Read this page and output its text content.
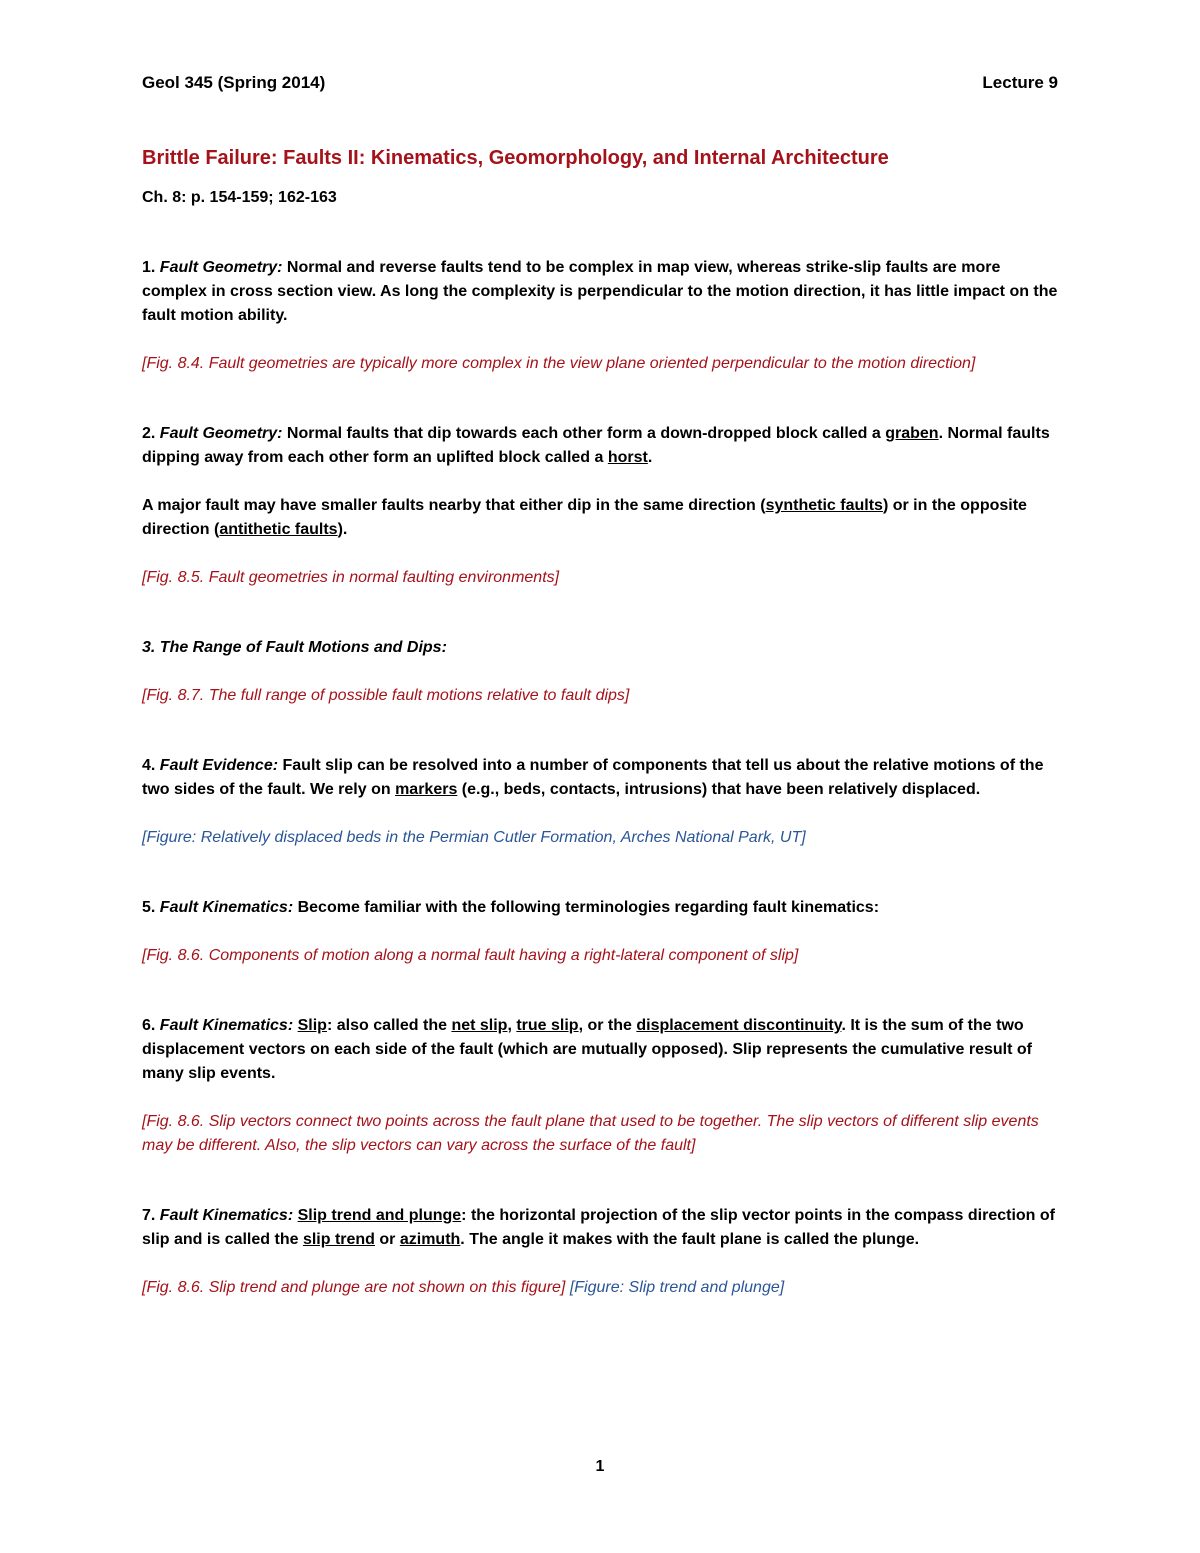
Geol 345 (Spring 2014)	Lecture 9

Brittle Failure: Faults II: Kinematics, Geomorphology, and Internal Architecture

Ch. 8: p. 154-159; 162-163

1. Fault Geometry: Normal and reverse faults tend to be complex in map view, whereas strike-slip faults are more complex in cross section view. As long the complexity is perpendicular to the motion direction, it has little impact on the fault motion ability.

[Fig. 8.4. Fault geometries are typically more complex in the view plane oriented perpendicular to the motion direction]

2. Fault Geometry: Normal faults that dip towards each other form a down-dropped block called a graben. Normal faults dipping away from each other form an uplifted block called a horst.

A major fault may have smaller faults nearby that either dip in the same direction (synthetic faults) or in the opposite direction (antithetic faults).

[Fig. 8.5. Fault geometries in normal faulting environments]

3. The Range of Fault Motions and Dips:

[Fig. 8.7. The full range of possible fault motions relative to fault dips]

4. Fault Evidence: Fault slip can be resolved into a number of components that tell us about the relative motions of the two sides of the fault. We rely on markers (e.g., beds, contacts, intrusions) that have been relatively displaced.

[Figure: Relatively displaced beds in the Permian Cutler Formation, Arches National Park, UT]

5. Fault Kinematics: Become familiar with the following terminologies regarding fault kinematics:

[Fig. 8.6. Components of motion along a normal fault having a right-lateral component of slip]

6. Fault Kinematics: Slip: also called the net slip, true slip, or the displacement discontinuity. It is the sum of the two displacement vectors on each side of the fault (which are mutually opposed). Slip represents the cumulative result of many slip events.

[Fig. 8.6. Slip vectors connect two points across the fault plane that used to be together. The slip vectors of different slip events may be different. Also, the slip vectors can vary across the surface of the fault]

7. Fault Kinematics: Slip trend and plunge: the horizontal projection of the slip vector points in the compass direction of slip and is called the slip trend or azimuth. The angle it makes with the fault plane is called the plunge.

[Fig. 8.6. Slip trend and plunge are not shown on this figure] [Figure: Slip trend and plunge]

1
